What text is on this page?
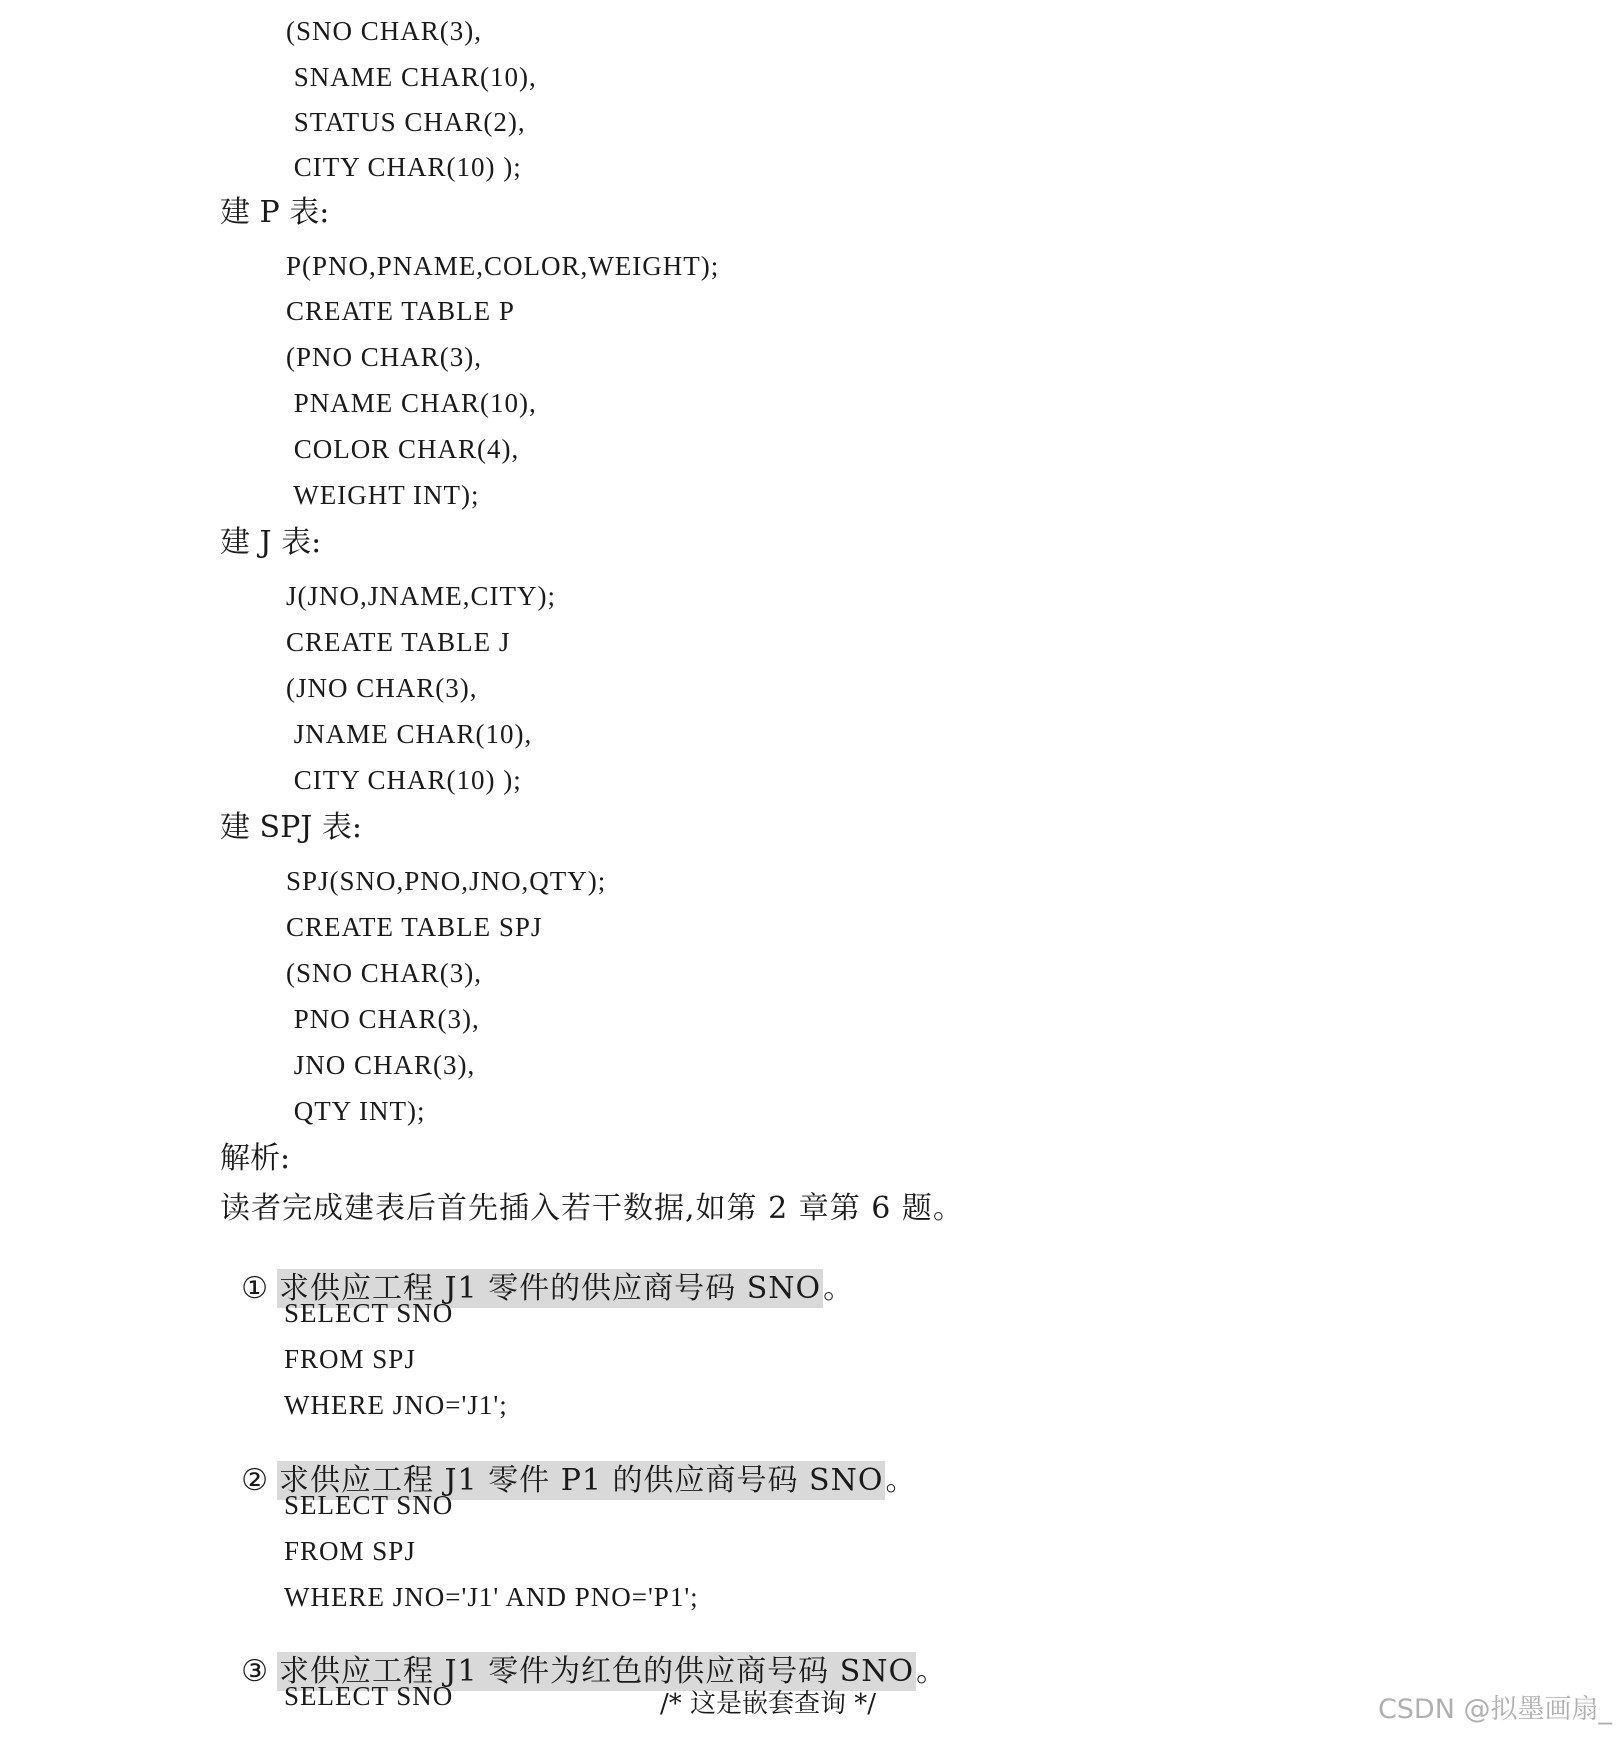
(SNO CHAR(3),
SNAME CHAR(10),
STATUS CHAR(2),
CITY CHAR(10) );
建 P 表:
P(PNO,PNAME,COLOR,WEIGHT);
CREATE TABLE P
(PNO CHAR(3),
PNAME CHAR(10),
COLOR CHAR(4),
WEIGHT INT);
建 J 表:
J(JNO,JNAME,CITY);
CREATE TABLE J
(JNO CHAR(3),
JNAME CHAR(10),
CITY CHAR(10) );
建 SPJ 表:
SPJ(SNO,PNO,JNO,QTY);
CREATE TABLE SPJ
(SNO CHAR(3),
PNO CHAR(3),
JNO CHAR(3),
QTY INT);
解析:
读者完成建表后首先插入若干数据,如第 2 章第 6 题。

① 求供应工程 J1 零件的供应商号码 SNO。

SELECT SNO
FROM SPJ
WHERE JNO='J1';

② 求供应工程 J1 零件 P1 的供应商号码 SNO。

SELECT SNO
FROM SPJ
WHERE JNO='J1' AND PNO='P1';

③ 求供应工程 J1 零件为红色的供应商号码 SNO。

SELECT SNO	/* 这是嵌套查询 */	CSDN @拟墨画扇_
